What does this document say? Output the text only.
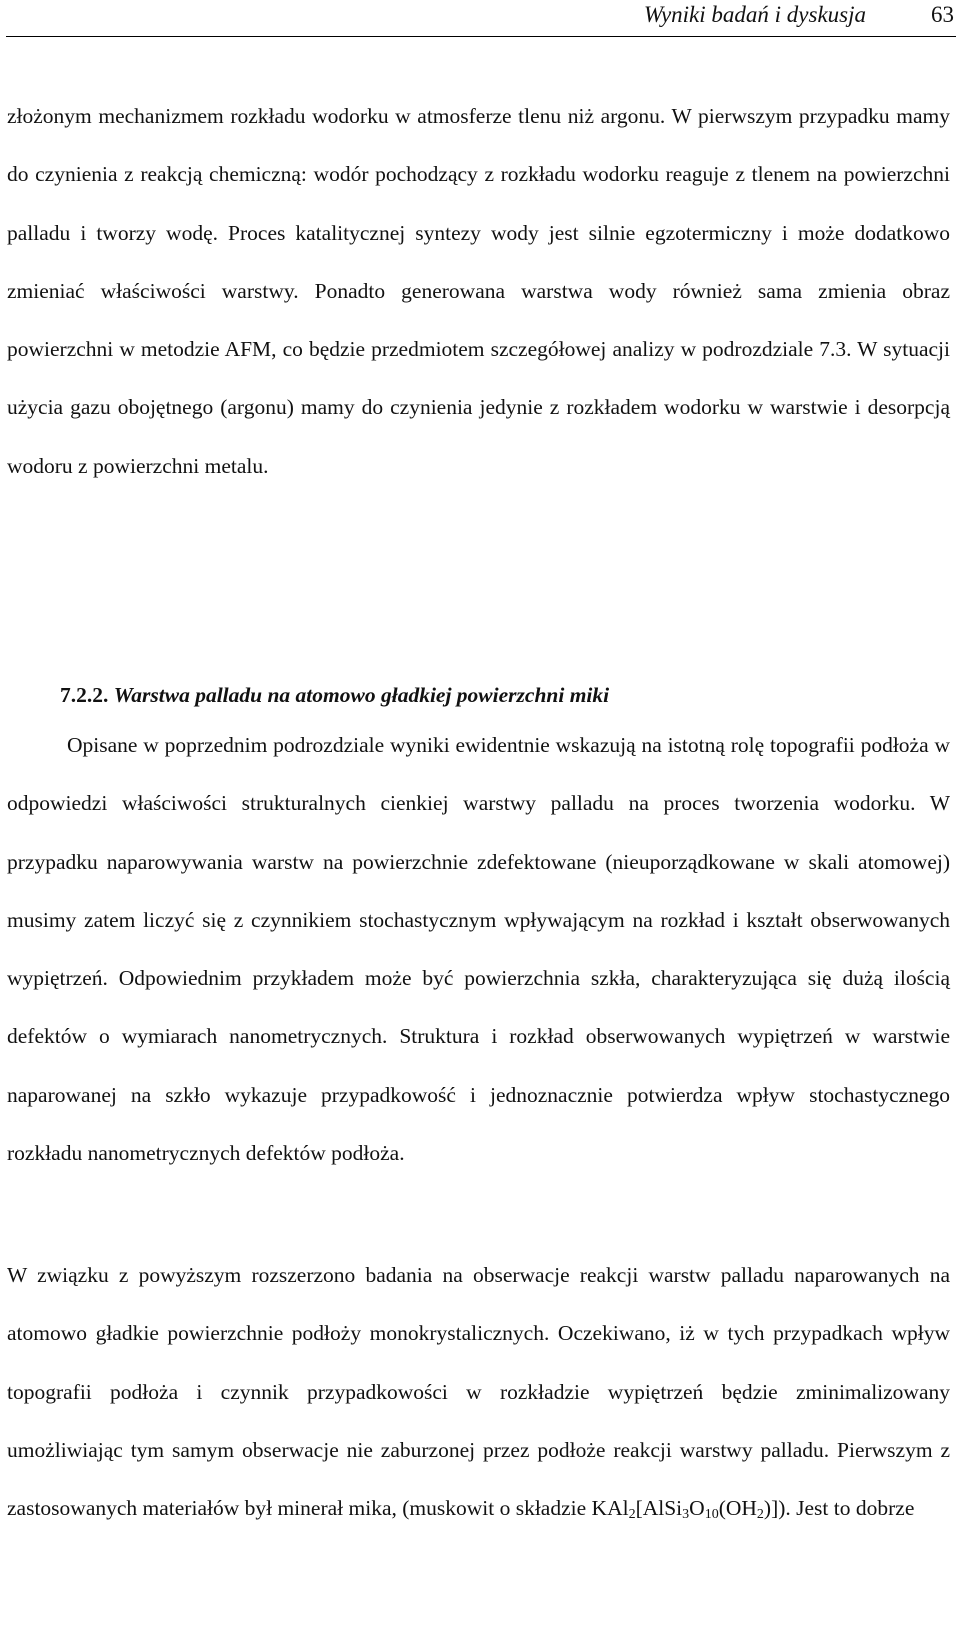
Wyniki badań i dyskusja	63

złożonym mechanizmem rozkładu wodorku w atmosferze tlenu niż argonu. W pierwszym przypadku mamy do czynienia z reakcją chemiczną: wodór pochodzący z rozkładu wodorku reaguje z tlenem na powierzchni palladu i tworzy wodę. Proces katalitycznej syntezy wody jest silnie egzotermiczny i może dodatkowo zmieniać właściwości warstwy. Ponadto generowana warstwa wody również sama zmienia obraz powierzchni w metodzie AFM, co będzie przedmiotem szczegółowej analizy w podrozdziale 7.3. W sytuacji użycia gazu obojętnego (argonu) mamy do czynienia jedynie z rozkładem wodorku w warstwie i desorpcją wodoru z powierzchni metalu.

7.2.2. Warstwa palladu na atomowo gładkiej powierzchni miki

Opisane w poprzednim podrozdziale wyniki ewidentnie wskazują na istotną rolę topografii podłoża w odpowiedzi właściwości strukturalnych cienkiej warstwy palladu na proces tworzenia wodorku. W przypadku naparowywania warstw na powierzchnie zdefektowane (nieuporządkowane w skali atomowej) musimy zatem liczyć się z czynnikiem stochastycznym wpływającym na rozkład i kształt obserwowanych wypiętrzeń. Odpowiednim przykładem może być powierzchnia szkła, charakteryzująca się dużą ilością defektów o wymiarach nanometrycznych. Struktura i rozkład obserwowanych wypiętrzeń w warstwie naparowanej na szkło wykazuje przypadkowość i jednoznacznie potwierdza wpływ stochastycznego rozkładu nanometrycznych defektów podłoża.

W związku z powyższym rozszerzono badania na obserwacje reakcji warstw palladu naparowanych na atomowo gładkie powierzchnie podłoży monokrystalicznych. Oczekiwano, iż w tych przypadkach wpływ topografii podłoża i czynnik przypadkowości w rozkładzie wypiętrzeń będzie zminimalizowany umożliwiając tym samym obserwacje nie zaburzonej przez podłoże reakcji warstwy palladu. Pierwszym z zastosowanych materiałów był minerał mika, (muskowit o składzie $KAl_2[AlSi_3O_{10}(OH_2)]$). Jest to dobrze
